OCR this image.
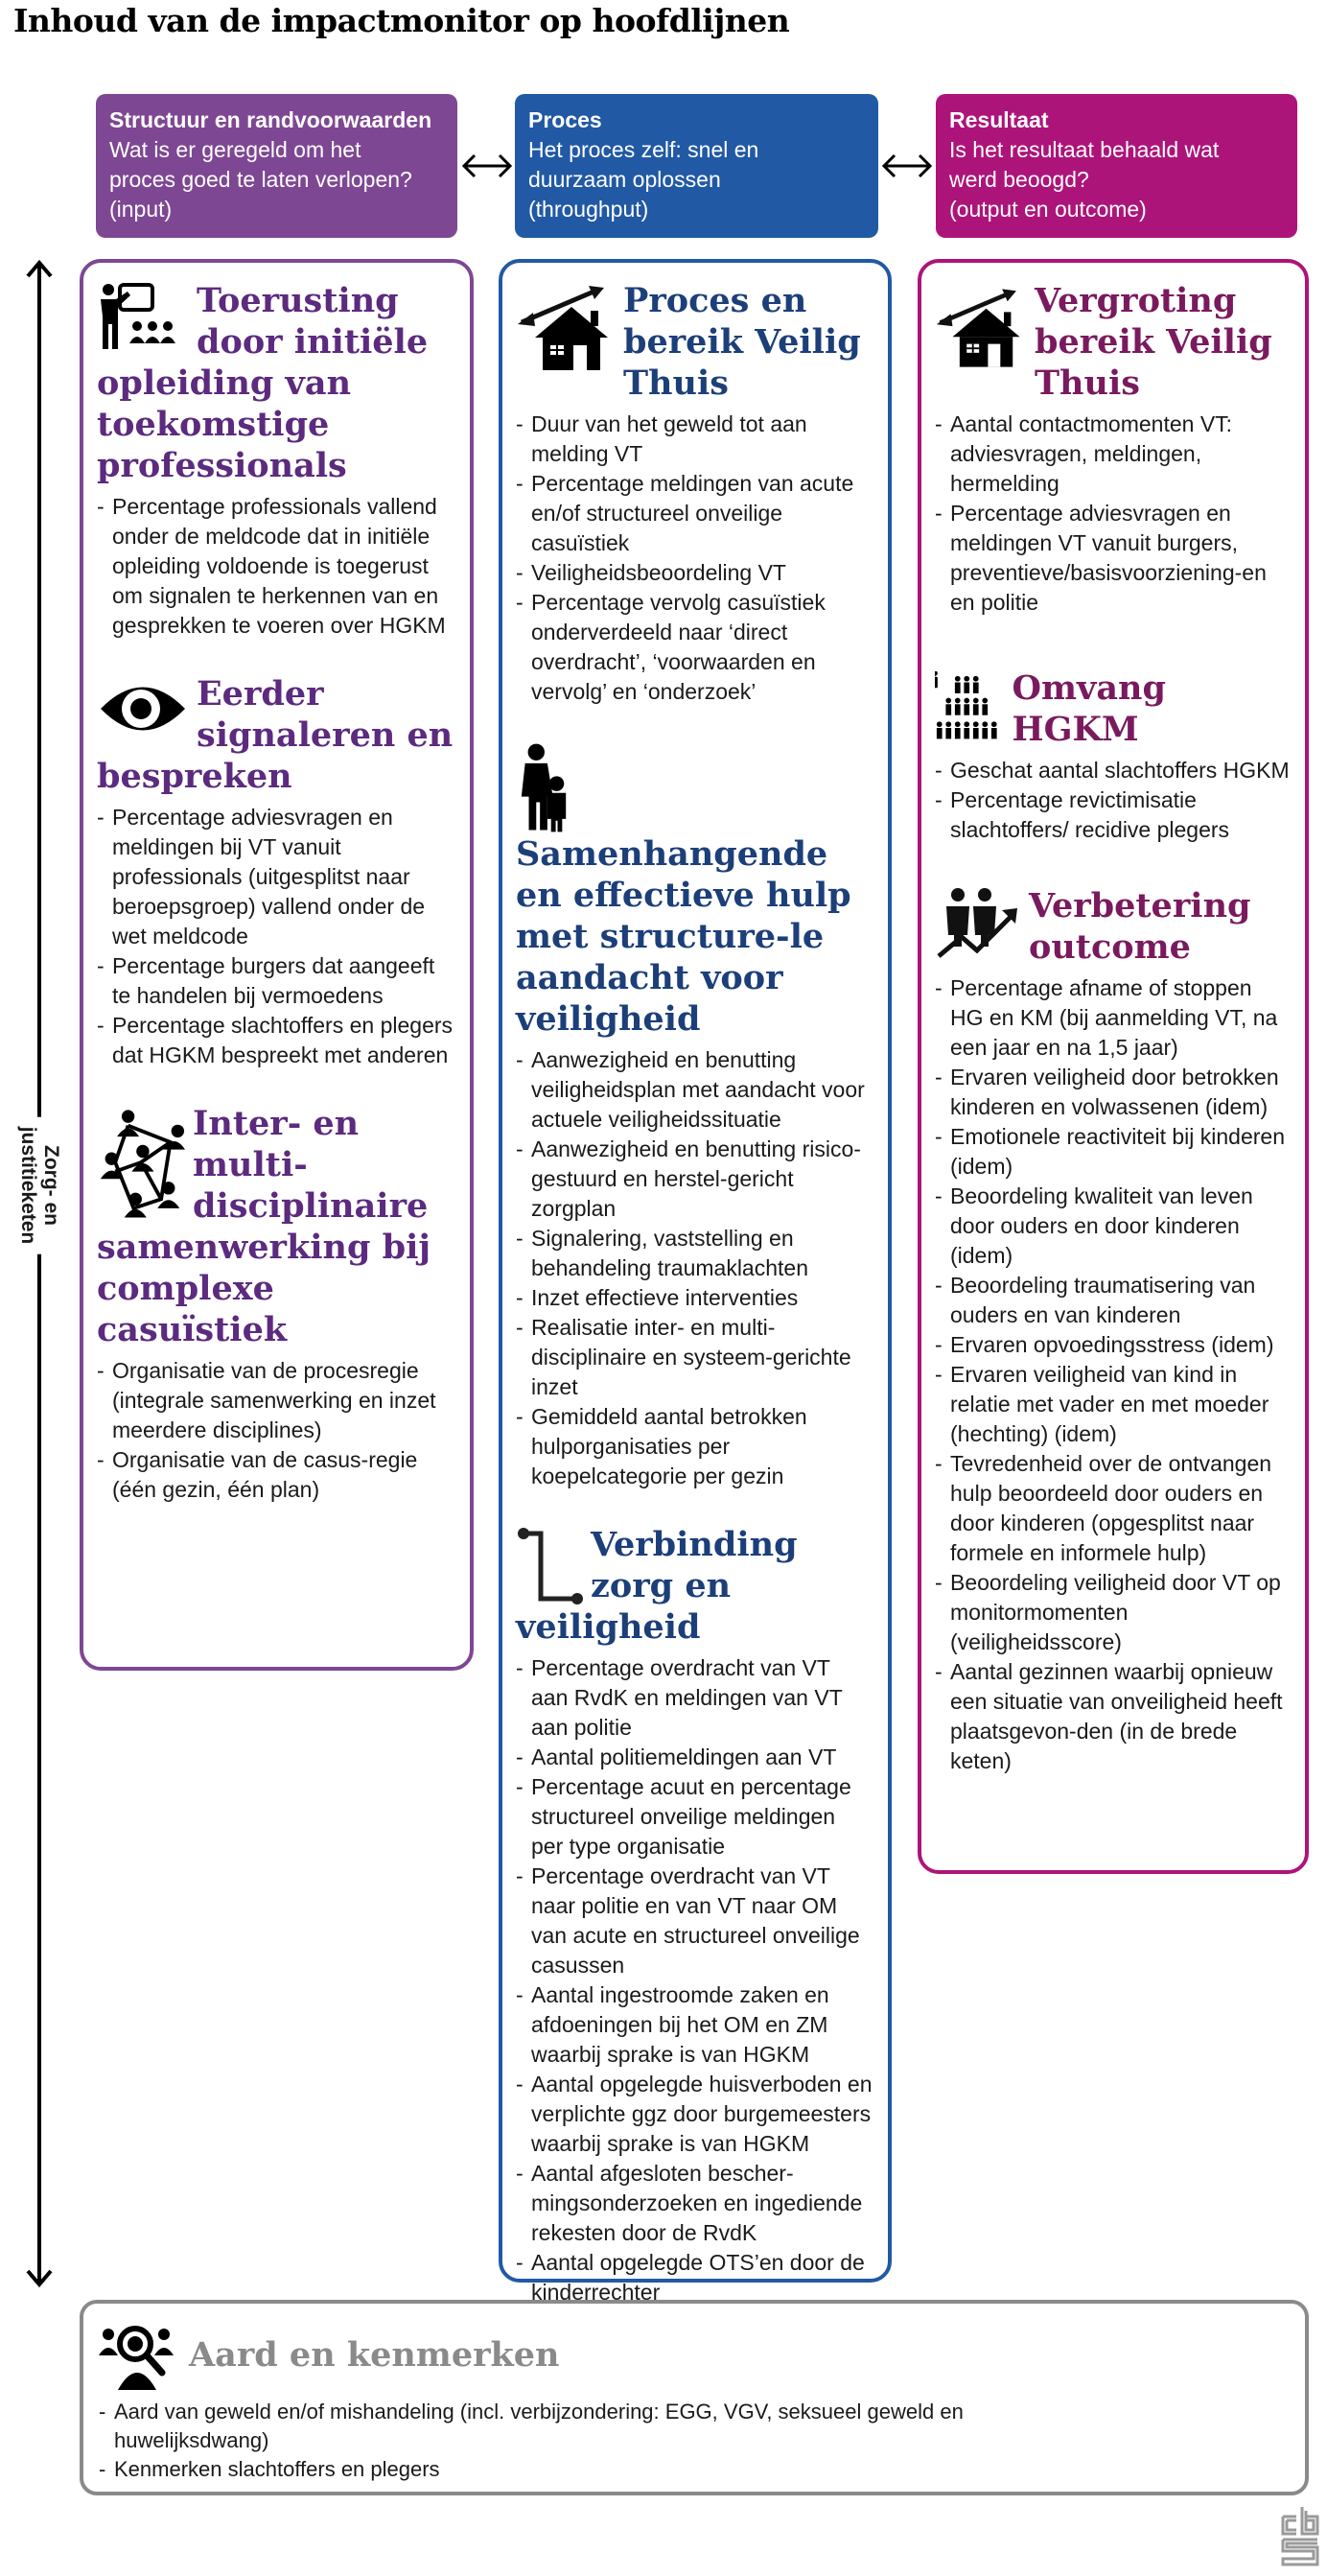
Inhoud van de impactmonitor op hoofdlijnen
Structuur en randvoorwaarden
Wat is er geregeld om het
proces goed te laten verlopen?
(input)
Proces
Het proces zelf: snel en
duurzaam oplossen
(throughput)
Resultaat
Is het resultaat behaald wat
werd beoogd?
(output en outcome)
Zorg- en
justitieketen
Toerusting door initiële opleiding van toekomstige professionals
- Percentage professionals vallend onder de meldcode dat in initiële opleiding voldoende is toegerust om signalen te herkennen van en gesprekken te voeren over HGKM
Eerder signaleren en bespreken
- Percentage adviesvragen en meldingen bij VT vanuit professionals (uitgesplitst naar beroepsgroep) vallend onder de wet meldcode
- Percentage burgers dat aangeeft te handelen bij vermoedens
- Percentage slachtoffers en plegers dat HGKM bespreekt met anderen
Inter- en multi-disciplinaire samenwerking bij complexe casuïstiek
- Organisatie van de procesregie (integrale samenwerking en inzet meerdere disciplines)
- Organisatie van de casus-regie (één gezin, één plan)
Proces en bereik Veilig Thuis
- Duur van het geweld tot aan melding VT
- Percentage meldingen van acute en/of structureel onveilige casuïstiek
- Veiligheidsbeoordeling VT
- Percentage vervolg casuïstiek onderverdeeld naar ‘direct overdracht’, ‘voorwaarden en vervolg’ en ‘onderzoek’
Samenhangende en effectieve hulp met structure-le aandacht voor veiligheid
- Aanwezigheid en benutting veiligheidsplan met aandacht voor actuele veiligheidssituatie
- Aanwezigheid en benutting risico-gestuurd en herstel-gericht zorgplan
- Signalering, vaststelling en behandeling traumaklachten
- Inzet effectieve interventies
- Realisatie inter- en multi-disciplinaire en systeem-gerichte inzet
- Gemiddeld aantal betrokken hulporganisaties per koepelcategorie per gezin
Verbinding zorg en veiligheid
- Percentage overdracht van VT aan RvdK en meldingen van VT aan politie
- Aantal politiemeldingen aan VT
- Percentage acuut en percentage structureel onveilige meldingen per type organisatie
- Percentage overdracht van VT naar politie en van VT naar OM van acute en structureel onveilige casussen
- Aantal ingestroomde zaken en afdoeningen bij het OM en ZM waarbij sprake is van HGKM
- Aantal opgelegde huisverboden en verplichte ggz door burgemeesters waarbij sprake is van HGKM
- Aantal afgesloten bescher-mingsonderzoeken en ingediende rekesten door de RvdK
- Aantal opgelegde OTS’en door de kinderrechter
Vergroting bereik Veilig Thuis
- Aantal contactmomenten VT: adviesvragen, meldingen, hermelding
- Percentage adviesvragen en meldingen VT vanuit burgers, preventieve/basisvoorziening-en en politie
Omvang HGKM
- Geschat aantal slachtoffers HGKM
- Percentage revictimisatie slachtoffers/ recidive plegers
Verbetering outcome
- Percentage afname of stoppen HG en KM (bij aanmelding VT, na een jaar en na 1,5 jaar)
- Ervaren veiligheid door betrokken kinderen en volwassenen (idem)
- Emotionele reactiviteit bij kinderen (idem)
- Beoordeling kwaliteit van leven door ouders en door kinderen (idem)
- Beoordeling traumatisering van ouders en van kinderen
- Ervaren opvoedingsstress (idem)
- Ervaren veiligheid van kind in relatie met vader en met moeder (hechting) (idem)
- Tevredenheid over de ontvangen hulp beoordeeld door ouders en door kinderen (opgesplitst naar formele en informele hulp)
- Beoordeling veiligheid door VT op monitormomenten (veiligheidsscore)
- Aantal gezinnen waarbij opnieuw een situatie van onveiligheid heeft plaatsgevon-den (in de brede keten)
Aard en kenmerken
- Aard van geweld en/of mishandeling (incl. verbijzondering: EGG, VGV, seksueel geweld en huwelijksdwang)
- Kenmerken slachtoffers en plegers
